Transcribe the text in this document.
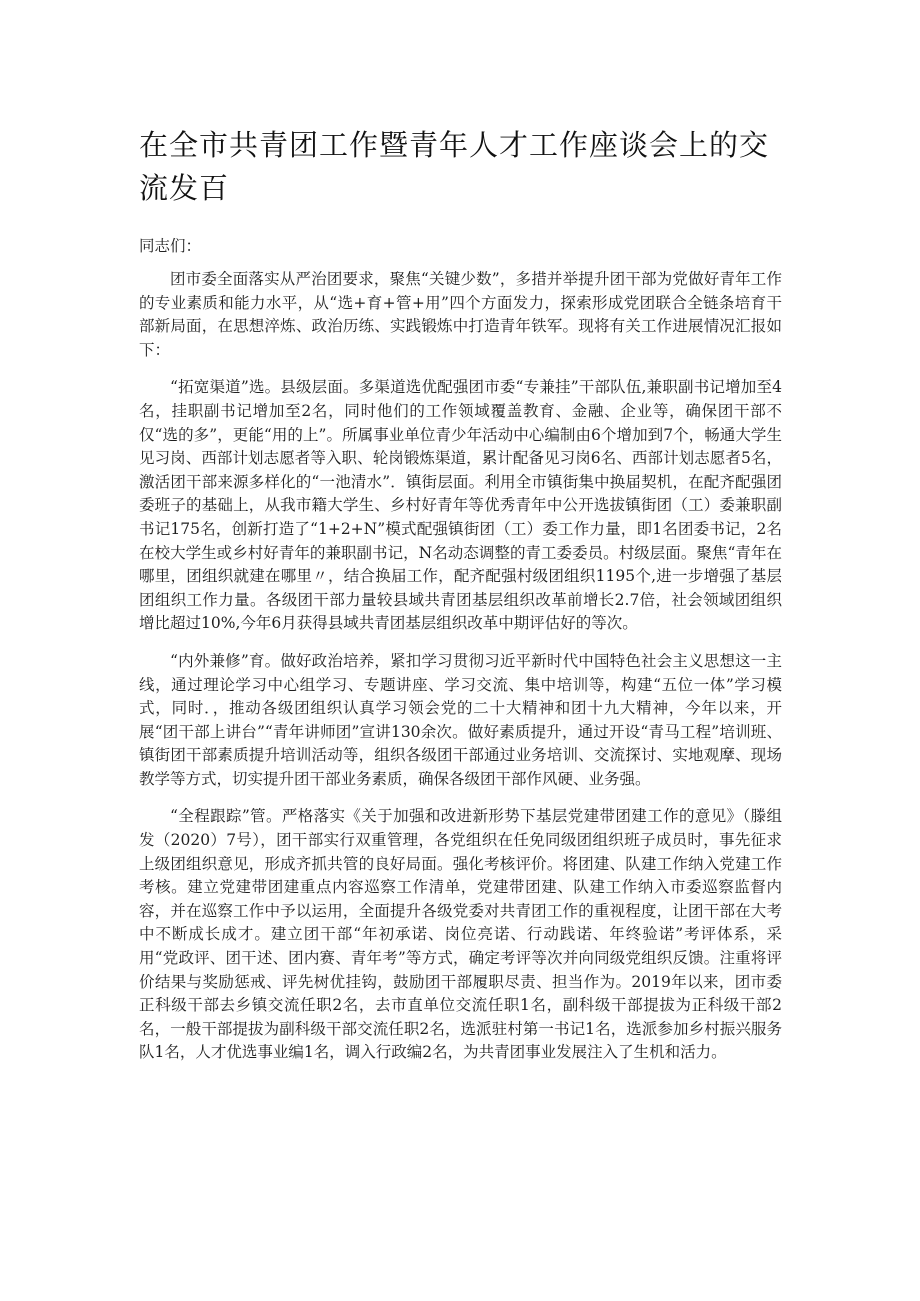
在全市共青团工作暨青年人才工作座谈会上的交流发百

同志们：

团市委全面落实从严治团要求，聚焦“关键少数”，多措并举提升团干部为党做好青年工作的专业素质和能力水平，从“选+育+管+用”四个方面发力，探索形成党团联合全链条培育干部新局面，在思想淬炼、政治历练、实践锻炼中打造青年铁军。现将有关工作进展情况汇报如下：

“拓宽渠道”选。县级层面。多渠道选优配强团市委“专兼挂”干部队伍,兼职副书记增加至4名，挂职副书记增加至2名，同时他们的工作领域覆盖教育、金融、企业等，确保团干部不仅“选的多”，更能“用的上”。所属事业单位青少年活动中心编制由6个增加到7个，畅通大学生见习岗、西部计划志愿者等入职、轮岗锻炼渠道，累计配备见习岗6名、西部计划志愿者5名，激活团干部来源多样化的“一池清水”．镇街层面。利用全市镇街集中换届契机，在配齐配强团委班子的基础上，从我市籍大学生、乡村好青年等优秀青年中公开选拔镇街团（工）委兼职副书记175名，创新打造了“1+2+N”模式配强镇街团（工）委工作力量，即1名团委书记，2名在校大学生或乡村好青年的兼职副书记，N名动态调整的青工委委员。村级层面。聚焦“青年在哪里，团组织就建在哪里〃，结合换届工作，配齐配强村级团组织1195个,进一步增强了基层团组织工作力量。各级团干部力量较县域共青团基层组织改革前增长2.7倍，社会领域团组织增比超过10%,今年6月获得县域共青团基层组织改革中期评估好的等次。

“内外兼修”育。做好政治培养，紧扣学习贯彻习近平新时代中国特色社会主义思想这一主线，通过理论学习中心组学习、专题讲座、学习交流、集中培训等，构建“五位一体”学习模式，同时．，推动各级团组织认真学习领会党的二十大精神和团十九大精神，今年以来，开展“团干部上讲台”“青年讲师团”宣讲130余次。做好素质提升，通过开设“青马工程”培训班、镇街团干部素质提升培训活动等，组织各级团干部通过业务培训、交流探讨、实地观摩、现场教学等方式，切实提升团干部业务素质，确保各级团干部作风硬、业务强。

“全程跟踪”管。严格落实《关于加强和改进新形势下基层党建带团建工作的意见》（滕组发（2020）7号），团干部实行双重管理，各党组织在任免同级团组织班子成员时，事先征求上级团组织意见，形成齐抓共管的良好局面。强化考核评价。将团建、队建工作纳入党建工作考核。建立党建带团建重点内容巡察工作清单，党建带团建、队建工作纳入市委巡察监督内容，并在巡察工作中予以运用，全面提升各级党委对共青团工作的重视程度，让团干部在大考中不断成长成才。建立团干部“年初承诺、岗位亮诺、行动践诺、年终验诺”考评体系，采用“党政评、团干述、团内赛、青年考”等方式，确定考评等次并向同级党组织反馈。注重将评价结果与奖励惩戒、评先树优挂钩，鼓励团干部履职尽责、担当作为。2019年以来，团市委正科级干部去乡镇交流任职2名，去市直单位交流任职1名，副科级干部提拔为正科级干部2名，一般干部提拔为副科级干部交流任职2名，选派驻村第一书记1名，选派参加乡村振兴服务队1名，人才优选事业编1名，调入行政编2名，为共青团事业发展注入了生机和活力。
